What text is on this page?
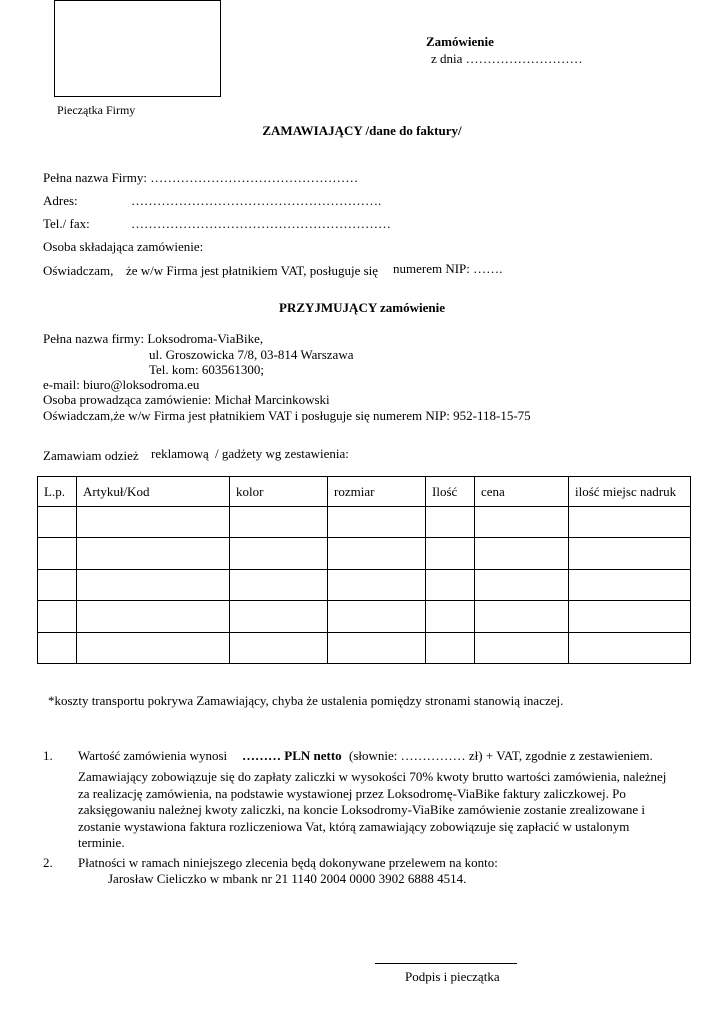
Pieczątka Firmy
Zamówienie
z dnia ………………………
ZAMAWIAJĄCY /dane do faktury/
Pełna nazwa Firmy: …………………………………………
Adres:	………………………………………………….
Tel./ fax:	……………………………………………………
Osoba składająca zamówienie:
Oświadczam, że w/w Firma jest płatnikiem VAT, posługuje się numerem NIP: …….
PRZYJMUJĄCY zamówienie
Pełna nazwa firmy: Loksodroma-ViaBike,
ul. Groszowicka 7/8, 03-814 Warszawa
Tel. kom: 603561300;
e-mail: biuro@loksodroma.eu
Osoba prowadząca zamówienie: Michał Marcinkowski
Oświadczam,że w/w Firma jest płatnikiem VAT i posługuje się numerem NIP: 952-118-15-75
Zamawiam odzież reklamową / gadżety wg zestawienia:
L.p.	Artykuł/Kod	kolor	rozmiar	Ilość	cena	ilość miejsc nadruk

*koszty transportu pokrywa Zamawiający, chyba że ustalenia pomiędzy stronami stanowią inaczej.
1. Wartość zamówienia wynosi ……… PLN netto (słownie: …………… zł) + VAT, zgodnie z zestawieniem.
Zamawiający zobowiązuje się do zapłaty zaliczki w wysokości 70% kwoty brutto wartości zamówienia, należnej za realizację zamówienia, na podstawie wystawionej przez Loksodromę-ViaBike faktury zaliczkowej. Po zaksięgowaniu należnej kwoty zaliczki, na koncie Loksodromy-ViaBike zamówienie zostanie zrealizowane i zostanie wystawiona faktura rozliczeniowa Vat, którą zamawiający zobowiązuje się zapłacić w ustalonym terminie.
2. Płatności w ramach niniejszego zlecenia będą dokonywane przelewem na konto:
Jarosław Cieliczko w mbank nr 21 1140 2004 0000 3902 6888 4514.
Podpis i pieczątka
